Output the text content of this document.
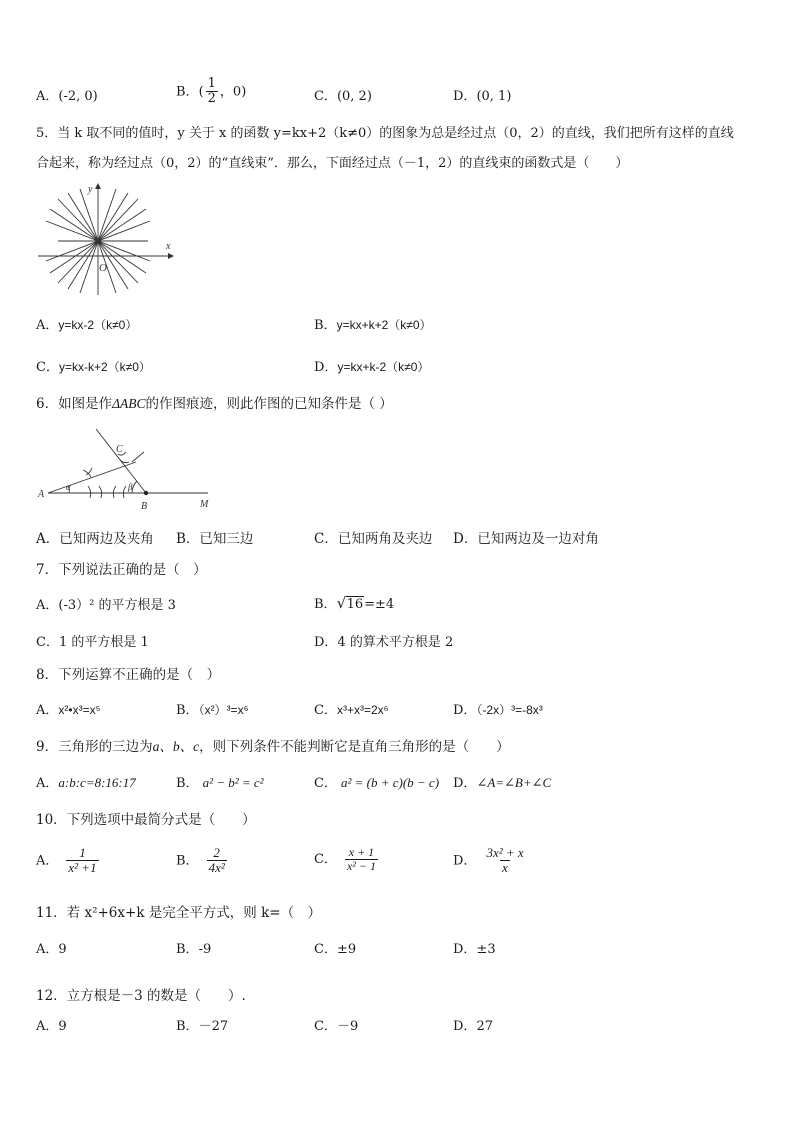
A．(-2, 0)	B．( $\frac{1}{2}$ ，0)	C．(0, 2)	D．(0, 1)
5．当 k 取不同的值时，y 关于 x 的函数 y=kx+2（k≠0）的图象为总是经过点（0，2）的直线，我们把所有这样的直线
合起来，称为经过点（0，2）的“直线束”．那么，下面经过点（－1，2）的直线束的函数式是（　　）
x
y
O
A．y=kx-2（k≠0）	B．y=kx+k+2（k≠0）
C．y=kx-k+2（k≠0）	D．y=kx+k-2（k≠0）
6．如图是作ΔABC的作图痕迹，则此作图的已知条件是（ ）
A
B
C
M
α	β
A．已知两边及夹角 B．已知三边	C．已知两角及夹边 D．已知两边及一边对角
7．下列说法正确的是（　）
A．(-3）² 的平方根是 3	B． √ 16=±4
C．1 的平方根是 1	D．4 的算术平方根是 2
8．下列运算不正确的是（　）
A．x²•x³=x⁵	B．（x²）³=x⁶	C．x³+x³=2x⁶	D．（-2x）³=-8x³
9．三角形的三边为a、b、c，则下列条件不能判断它是直角三角形的是（　　）
A．a:b:c=8:16:17	B． a² − b² = c²	C． a² = (b + c)(b − c) D．∠A=∠B+∠C
10．下列选项中最简分式是（　　）
A． $\frac{1}{\text{x² +1}}$	B． $\frac{2}{\text{4x²}}$	C． $\frac{x + 1}{\text{x² − 1}}$	D． $\frac{\text{3x² + x}}{x}$
11．若 x²+6x+k 是完全平方式，则 k=（　）
A．9	B．-9	C．±9	D．±3
12．立方根是－3 的数是（　　）.
A．9	B．－27	C．－9	D．27
